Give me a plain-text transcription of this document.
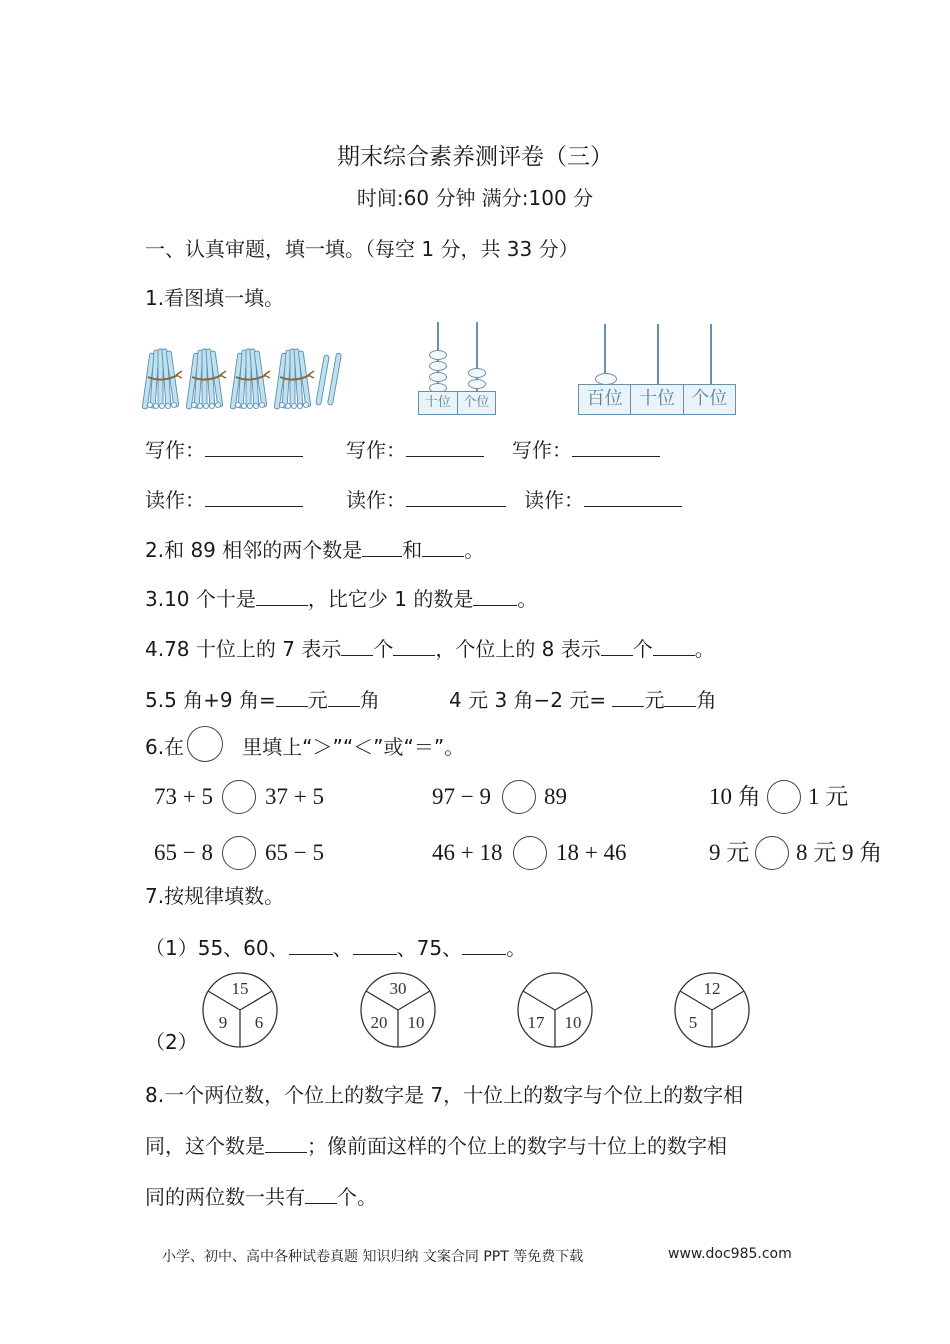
期末综合素养测评卷（三）
时间:60 分钟 满分:100 分
一、认真审题，填一填。（每空 1 分，共 33 分）
1.看图填一填。
十位 个位	百位 十位 个位
写作：	写作：	写作：
读作：	读作：	读作：
2.和 89 相邻的两个数是 和 。
3.10 个十是	，比它少 1 的数是 。
4.78 十位上的 7 表示 个 ，个位上的 8 表示 个 。
5.5 角+9 角= 元 角	4 元 3 角−2 元= 元 角
6.在	里填上“＞”“＜”或“＝”。
73 + 5 37 + 5	97 − 9 89	10 角 1 元
65 − 8 65 − 5	46 + 18 18 + 46	9 元 8 元 9 角
7.按规律填数。
（1）55、60、 、 、75、 。
（2）
15
9 6
30
20 10	17 10
12
5
8.一个两位数，个位上的数字是 7，十位上的数字与个位上的数字相
同，这个数是 ；像前面这样的个位上的数字与十位上的数字相
同的两位数一共有 个。
小学、初中、高中各种试卷真题 知识归纳 文案合同 PPT 等免费下载	www.doc985.com
